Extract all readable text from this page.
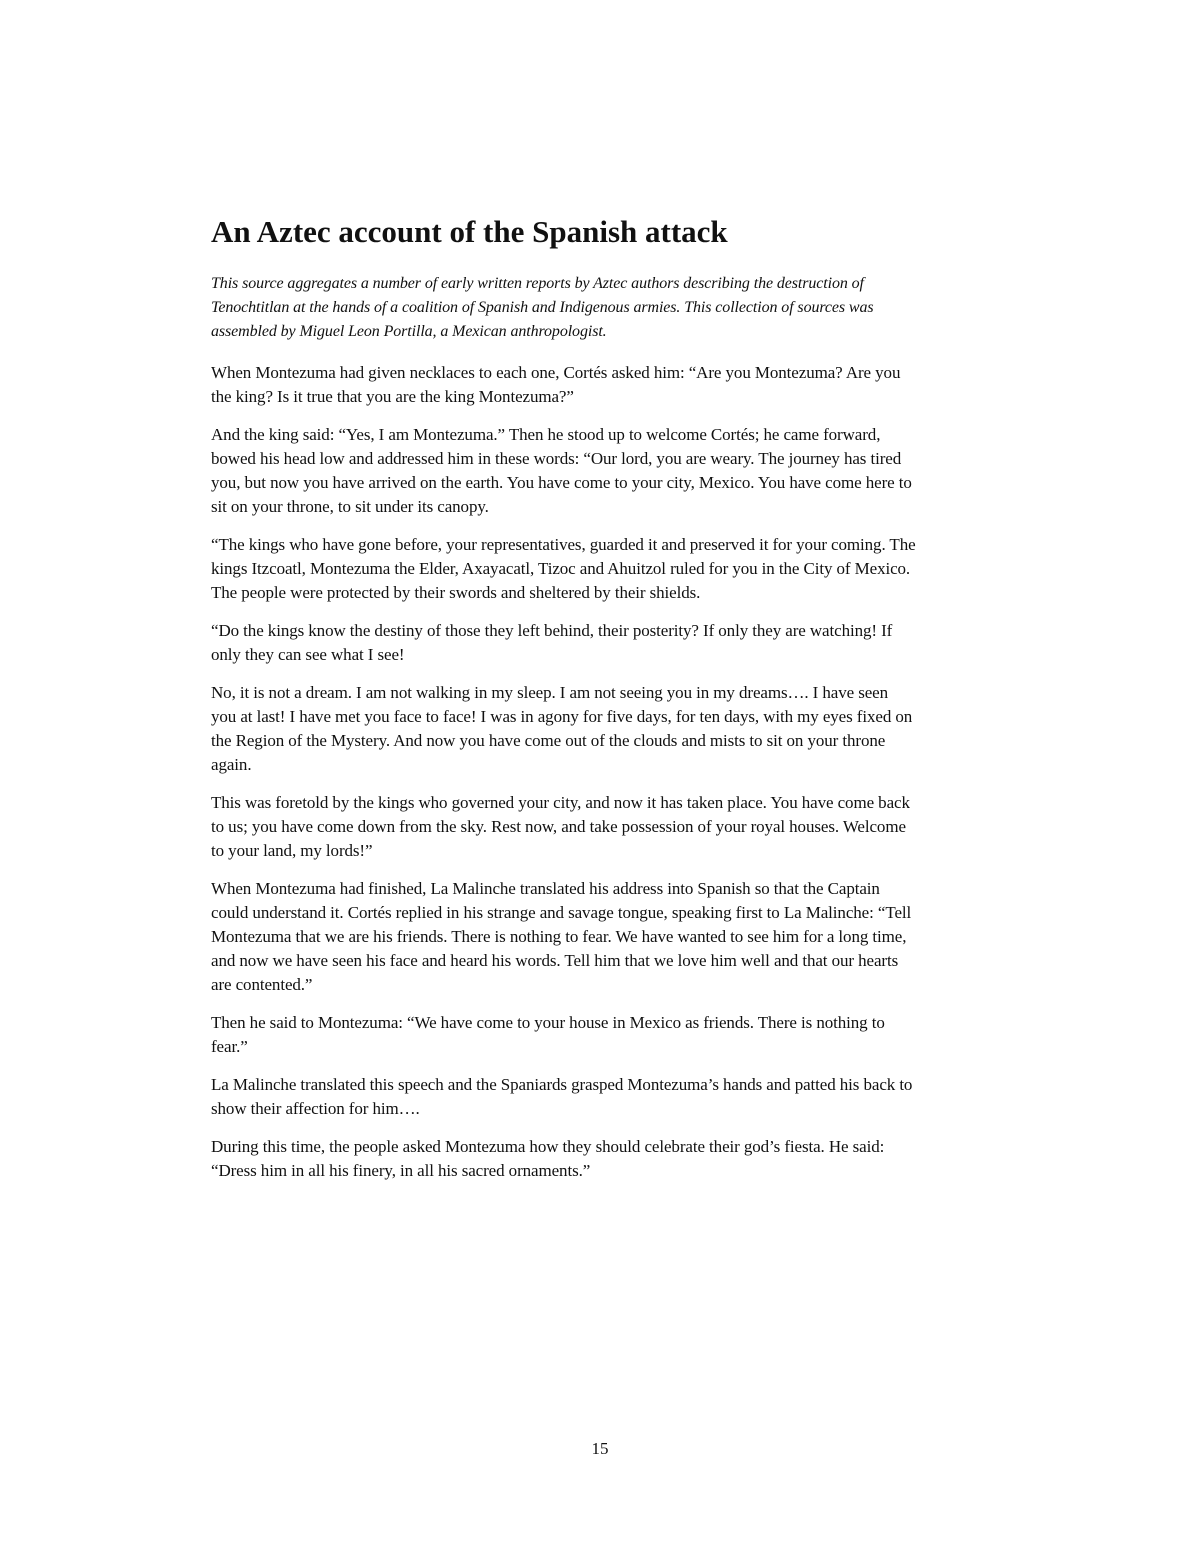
An Aztec account of the Spanish attack

This source aggregates a number of early written reports by Aztec authors describing the destruction of Tenochtitlan at the hands of a coalition of Spanish and Indigenous armies. This collection of sources was assembled by Miguel Leon Portilla, a Mexican anthropologist.

When Montezuma had given necklaces to each one, Cortés asked him: “Are you Montezuma? Are you the king? Is it true that you are the king Montezuma?”

And the king said: “Yes, I am Montezuma.” Then he stood up to welcome Cortés; he came forward, bowed his head low and addressed him in these words: “Our lord, you are weary. The journey has tired you, but now you have arrived on the earth. You have come to your city, Mexico. You have come here to sit on your throne, to sit under its canopy.

“The kings who have gone before, your representatives, guarded it and preserved it for your coming. The kings Itzcoatl, Montezuma the Elder, Axayacatl, Tizoc and Ahuitzol ruled for you in the City of Mexico. The people were protected by their swords and sheltered by their shields.

“Do the kings know the destiny of those they left behind, their posterity? If only they are watching! If only they can see what I see!

No, it is not a dream. I am not walking in my sleep. I am not seeing you in my dreams…. I have seen you at last! I have met you face to face! I was in agony for five days, for ten days, with my eyes fixed on the Region of the Mystery. And now you have come out of the clouds and mists to sit on your throne again.

This was foretold by the kings who governed your city, and now it has taken place. You have come back to us; you have come down from the sky. Rest now, and take possession of your royal houses. Welcome to your land, my lords!”

When Montezuma had finished, La Malinche translated his address into Spanish so that the Captain could understand it. Cortés replied in his strange and savage tongue, speaking first to La Malinche: “Tell Montezuma that we are his friends. There is nothing to fear. We have wanted to see him for a long time, and now we have seen his face and heard his words. Tell him that we love him well and that our hearts are contented.”

Then he said to Montezuma: “We have come to your house in Mexico as friends. There is nothing to fear.”

La Malinche translated this speech and the Spaniards grasped Montezuma’s hands and patted his back to show their affection for him….

During this time, the people asked Montezuma how they should celebrate their god’s fiesta. He said: “Dress him in all his finery, in all his sacred ornaments.”

15
